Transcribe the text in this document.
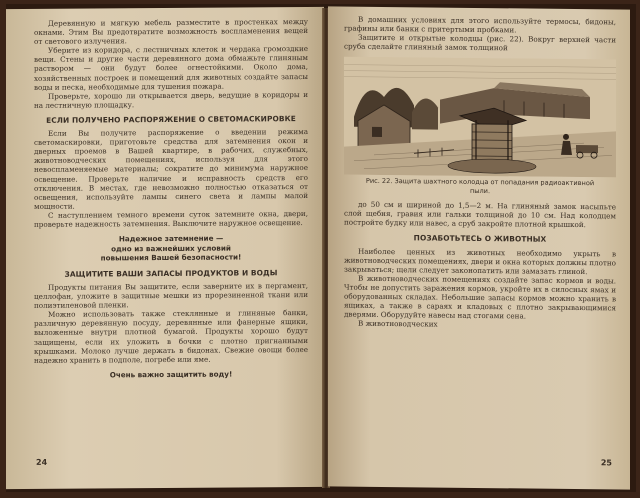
Деревянную и мягкую мебель разместите в простенках между окнами. Этим Вы предотвратите возможность воспламенения вещей от светового излучения.

Уберите из коридора, с лестничных клеток и чердака громоздкие вещи. Стены и другие части деревянного дома обмажьте глиняным раствором — они будут более огнестойкими. Около дома, хозяйственных построек и помещений для животных создайте запасы воды и песка, необходимые для тушения пожара.

Проверьте, хорошо ли открывается дверь, ведущие в коридоры и на лестничную площадку.

ЕСЛИ ПОЛУЧЕНО РАСПОРЯЖЕНИЕ О СВЕТОМАСКИРОВКЕ

Если Вы получите распоряжение о введении режима светомаскировки, приготовьте средства для затемнения окон и дверных проемов в Вашей квартире, в рабочих, служебных, животноводческих помещениях, используя для этого невоспламеняемые материалы; сократите до минимума наружное освещение. Проверьте наличие и исправность средств его отключения. В местах, где невозможно полностью отказаться от освещения, используйте лампы синего света и лампы малой мощности.

С наступлением темного времени суток затемните окна, двери, проверьте надежность затемнения. Выключите наружное освещение.

Надежное затемнение —
одно из важнейших условий
повышения Вашей безопасности!
ЗАЩИТИТЕ ВАШИ ЗАПАСЫ ПРОДУКТОВ И ВОДЫ

Продукты питания Вы защитите, если заверните их в пергамент, целлофан, уложите в защитные мешки из прорезиненной ткани или полиэтиленовой пленки.

Можно использовать также стеклянные и глиняные банки, различную деревянную посуду, деревянные или фанерные ящики, выложенные внутри плотной бумагой. Продукты хорошо будут защищены, если их уложить в бочки с плотно пригнанными крышками. Молоко лучше держать в бидонах. Свежие овощи более надежно хранить в подполе, погребе или яме.

Очень важно защитить воду!
24

В домашних условиях для этого используйте термосы, бидоны, графины или банки с притертыми пробками.

Защитите и открытые колодцы (рис. 22). Вокруг верхней части сруба сделайте глиняный замок толщиной

Рис. 22. Защита шахтного колодца от попадания радиоактивной пыли.

до 50 см и шириной до 1,5—2 м. На глиняный замок насыпьте слой щебня, гравия или гальки толщиной до 10 см. Над колодцем постройте будку или навес, а сруб закройте плотной крышкой.

ПОЗАБОТЬТЕСЬ О ЖИВОТНЫХ

Наиболее ценных из животных необходимо укрыть в животноводческих помещениях, двери и окна которых должны плотно закрываться; щели следует законопатить или замазать глиной.

В животноводческих помещениях создайте запас кормов и воды. Чтобы не допустить заражения кормов, укройте их в силосных ямах и оборудованных складах. Небольшие запасы кормов можно хранить в ящиках, а также в сараях и кладовых с плотно закрывающимися дверями. Оборудуйте навесы над стогами сена.

В животноводческих

25
